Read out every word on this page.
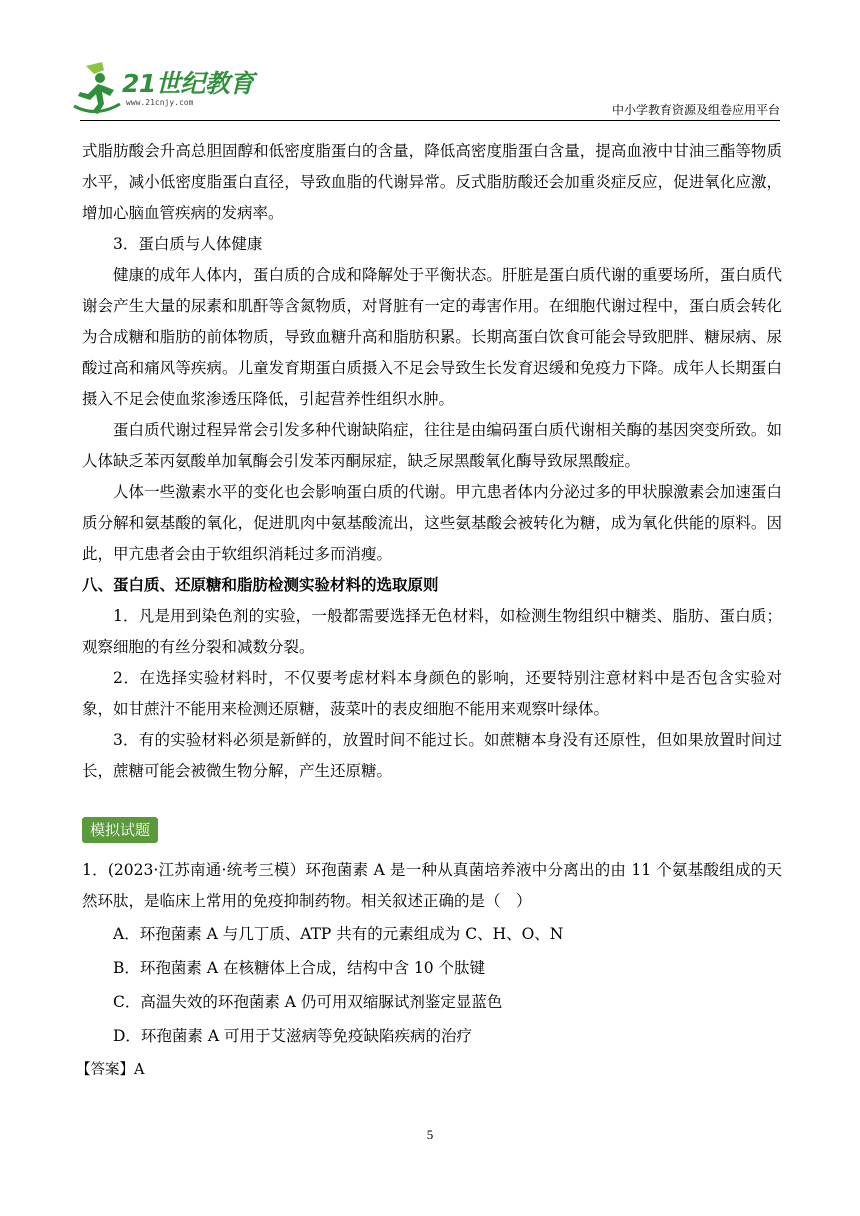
21世纪教育
www.21cnjy.com
中小学教育资源及组卷应用平台

式脂肪酸会升高总胆固醇和低密度脂蛋白的含量，降低高密度脂蛋白含量，提高血液中甘油三酯等物质水平，减小低密度脂蛋白直径，导致血脂的代谢异常。反式脂肪酸还会加重炎症反应，促进氧化应激，增加心脑血管疾病的发病率。

3．蛋白质与人体健康

健康的成年人体内，蛋白质的合成和降解处于平衡状态。肝脏是蛋白质代谢的重要场所，蛋白质代谢会产生大量的尿素和肌酐等含氮物质，对肾脏有一定的毒害作用。在细胞代谢过程中，蛋白质会转化为合成糖和脂肪的前体物质，导致血糖升高和脂肪积累。长期高蛋白饮食可能会导致肥胖、糖尿病、尿酸过高和痛风等疾病。儿童发育期蛋白质摄入不足会导致生长发育迟缓和免疫力下降。成年人长期蛋白摄入不足会使血浆渗透压降低，引起营养性组织水肿。

蛋白质代谢过程异常会引发多种代谢缺陷症，往往是由编码蛋白质代谢相关酶的基因突变所致。如人体缺乏苯丙氨酸单加氧酶会引发苯丙酮尿症，缺乏尿黑酸氧化酶导致尿黑酸症。

人体一些激素水平的变化也会影响蛋白质的代谢。甲亢患者体内分泌过多的甲状腺激素会加速蛋白质分解和氨基酸的氧化，促进肌肉中氨基酸流出，这些氨基酸会被转化为糖，成为氧化供能的原料。因此，甲亢患者会由于软组织消耗过多而消瘦。

八、蛋白质、还原糖和脂肪检测实验材料的选取原则

1．凡是用到染色剂的实验，一般都需要选择无色材料，如检测生物组织中糖类、脂肪、蛋白质；观察细胞的有丝分裂和减数分裂。

2．在选择实验材料时，不仅要考虑材料本身颜色的影响，还要特别注意材料中是否包含实验对象，如甘蔗汁不能用来检测还原糖，菠菜叶的表皮细胞不能用来观察叶绿体。

3．有的实验材料必须是新鲜的，放置时间不能过长。如蔗糖本身没有还原性，但如果放置时间过长，蔗糖可能会被微生物分解，产生还原糖。

模拟试题

1．(2023·江苏南通·统考三模）环孢菌素 A 是一种从真菌培养液中分离出的由 11 个氨基酸组成的天然环肽，是临床上常用的免疫抑制药物。相关叙述正确的是（　）

A．环孢菌素 A 与几丁质、ATP 共有的元素组成为 C、H、O、N

B．环孢菌素 A 在核糖体上合成，结构中含 10 个肽键

C．高温失效的环孢菌素 A 仍可用双缩脲试剂鉴定显蓝色

D．环孢菌素 A 可用于艾滋病等免疫缺陷疾病的治疗

【答案】A

5
